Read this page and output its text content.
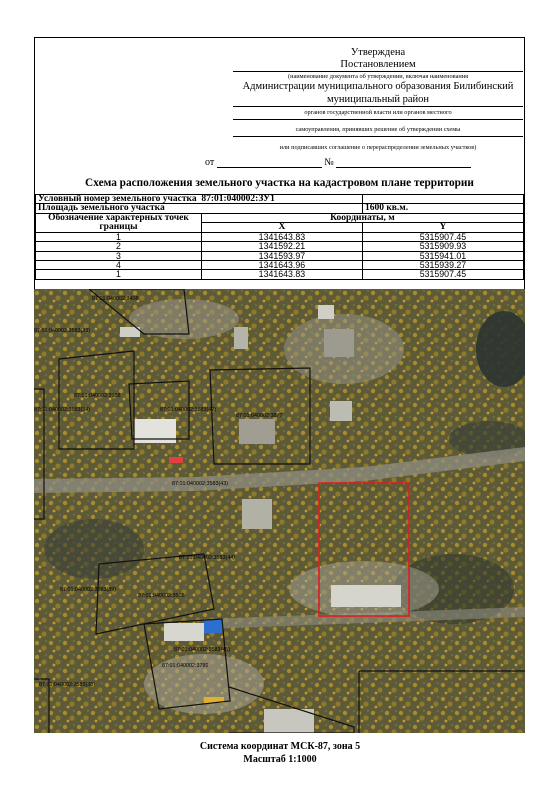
Утверждена
Постановлением
(наименование документа об утверждении, включая наименования
Администрации муниципального образования Билибинский
муниципальный район
органов государственной власти или органов местного
самоуправления, принявших решение об утверждении схемы
или подписавших соглашение о перераспределении земельных участков)
от	№
Схема расположения земельного участка на кадастровом плане территории
Условный номер земельного участка 87:01:040002:ЗУ1		
Площадь земельного участка		1600 кв.м.
Обозначение характерных точек
границы	Координаты, м	
	X	Y
1	1341643.83	5315907.45
2	1341592.21	5315909.93
3	1341593.97	5315941.01
4	1341643.96	5315939.27
1	1341643.83	5315907.45
87:01:040002:3408
87:01:040002:3583(33)
87:01:040002:3958
87:01:040002:3583(42)
87:01:040002:3583(34)
87:01:040002:3877
87:01:040002:3583(43)
87:01:040002:3583(44)
87:01:040002:3583(39)
87:01:040002:3565
87:01:040002:3583(45)
87:01:040002:3789
87:01:040002:3583(38)
Система координат МСК-87, зона 5
Масштаб 1:1000
